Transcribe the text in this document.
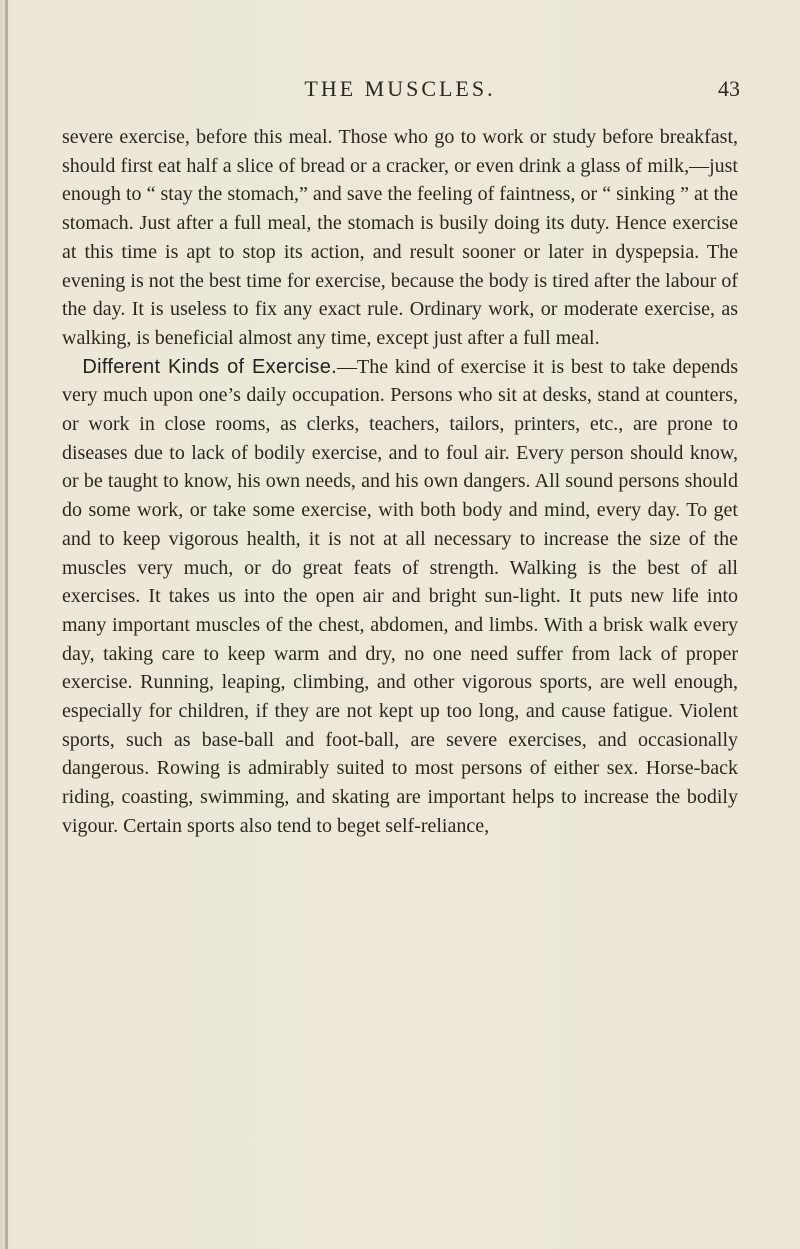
THE MUSCLES.	43

severe exercise, before this meal. Those who go to work or study before breakfast, should first eat half a slice of bread or a cracker, or even drink a glass of milk,—just enough to “ stay the stomach,” and save the feeling of faintness, or “ sinking ” at the stomach. Just after a full meal, the stomach is busily doing its duty. Hence exercise at this time is apt to stop its action, and result sooner or later in dyspepsia. The evening is not the best time for exercise, because the body is tired after the labour of the day. It is useless to fix any exact rule. Ordinary work, or moderate exercise, as walking, is beneficial almost any time, except just after a full meal.

Different Kinds of Exercise.—The kind of exercise it is best to take depends very much upon one’s daily occupation. Persons who sit at desks, stand at counters, or work in close rooms, as clerks, teachers, tailors, printers, etc., are prone to diseases due to lack of bodily exercise, and to foul air. Every person should know, or be taught to know, his own needs, and his own dangers. All sound persons should do some work, or take some exercise, with both body and mind, every day. To get and to keep vigorous health, it is not at all necessary to increase the size of the muscles very much, or do great feats of strength. Walking is the best of all exercises. It takes us into the open air and bright sun-light. It puts new life into many important muscles of the chest, abdomen, and limbs. With a brisk walk every day, taking care to keep warm and dry, no one need suffer from lack of proper exercise. Running, leaping, climbing, and other vigorous sports, are well enough, especially for children, if they are not kept up too long, and cause fatigue. Violent sports, such as base-ball and foot-ball, are severe exercises, and occasionally dangerous. Rowing is admirably suited to most persons of either sex. Horse-back riding, coasting, swimming, and skating are important helps to increase the bodily vigour. Certain sports also tend to beget self-reliance,
